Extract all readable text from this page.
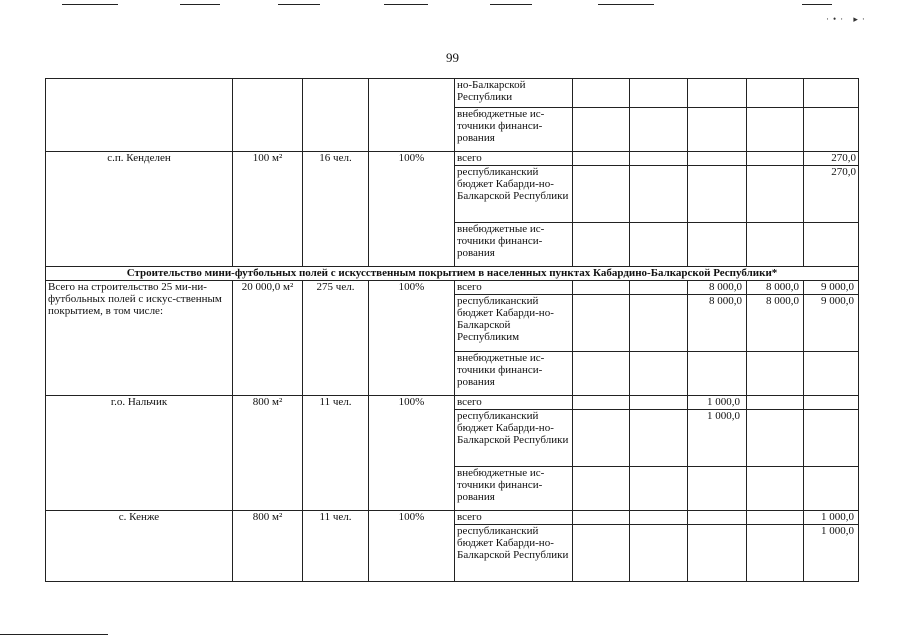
·•· ▸·
99
				но-Балкарской Республики					
				внебюджетные ис-точники финанси-рования					
с.п. Кенделен	100 м²	16 чел.	100%	всего					270,0
				республиканский бюджет Кабарди-но-Балкарской Республики					270,0
				внебюджетные ис-точники финанси-рования					
Строительство мини-футбольных полей с искусственным покрытием в населенных пунктах Кабардино-Балкарской Республики*									
Всего на строительство 25 ми-ни-футбольных полей с искус-ственным покрытием, в том числе:	20 000,0 м²	275 чел.	100%	всего			8 000,0	8 000,0	9 000,0
				республиканский бюджет Кабарди-но-Балкарской Республиким			8 000,0	8 000,0	9 000,0
				внебюджетные ис-точники финанси-рования					
г.о. Нальчик	800 м²	11 чел.	100%	всего			1 000,0		
				республиканский бюджет Кабарди-но-Балкарской Республики			1 000,0		
				внебюджетные ис-точники финанси-рования					
с. Кенже	800 м²	11 чел.	100%	всего					1 000,0
				республиканский бюджет Кабарди-но-Балкарской Республики					1 000,0
